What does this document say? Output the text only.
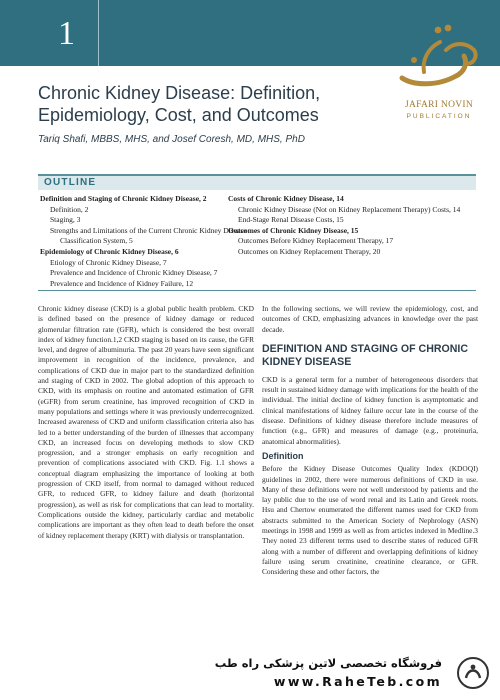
1
JAFARI NOVIN
PUBLICATION
Chronic Kidney Disease: Definition, Epidemiology, Cost, and Outcomes
Tariq Shafi, MBBS, MHS, and Josef Coresh, MD, MHS, PhD
OUTLINE
Definition and Staging of Chronic Kidney Disease, 2
Definition, 2
Staging, 3
Strengths and Limitations of the Current Chronic Kidney Disease Classification System, 5
Epidemiology of Chronic Kidney Disease, 6
Etiology of Chronic Kidney Disease, 7
Prevalence and Incidence of Chronic Kidney Disease, 7
Prevalence and Incidence of Kidney Failure, 12
Costs of Chronic Kidney Disease, 14
Chronic Kidney Disease (Not on Kidney Replacement Therapy) Costs, 14
End-Stage Renal Disease Costs, 15
Outcomes of Chronic Kidney Disease, 15
Outcomes Before Kidney Replacement Therapy, 17
Outcomes on Kidney Replacement Therapy, 20

Chronic kidney disease (CKD) is a global public health problem. CKD is defined based on the presence of kidney damage or reduced glomerular filtration rate (GFR), which is considered the best overall index of kidney function.1,2 CKD staging is based on its cause, the GFR level, and degree of albuminuria. The past 20 years have seen significant improvement in recognition of the incidence, prevalence, and complications of CKD due in major part to the standardized definition and staging of CKD in 2002. The global adoption of this approach to CKD, with its emphasis on routine and automated estimation of GFR (eGFR) from serum creatinine, has improved recognition of CKD in many populations and settings where it was previously underrecognized. Increased awareness of CKD and uniform classification criteria also has led to a better understanding of the burden of illnesses that accompany CKD, an increased focus on developing methods to slow CKD progression, and a stronger emphasis on early recognition and prevention of complications associated with CKD. Fig. 1.1 shows a conceptual diagram emphasizing the importance of looking at both progression of CKD itself, from normal to damaged without reduced GFR, to reduced GFR, to kidney failure and death (horizontal progression), as well as risk for complications that can lead to mortality. Complications outside the kidney, particularly cardiac and metabolic complications are important as they often lead to death before the onset of kidney replacement therapy (KRT) with dialysis or transplantation.

In the following sections, we will review the epidemiology, cost, and outcomes of CKD, emphasizing advances in knowledge over the past decade.

DEFINITION AND STAGING OF CHRONIC KIDNEY DISEASE

CKD is a general term for a number of heterogeneous disorders that result in sustained kidney damage with implications for the health of the individual. The initial decline of kidney function is asymptomatic and clinical manifestations of kidney failure occur late in the course of the disease. Definitions of kidney disease therefore include measures of function (e.g., GFR) and measures of damage (e.g., proteinuria, anatomical abnormalities).

Definition

Before the Kidney Disease Outcomes Quality Index (KDOQI) guidelines in 2002, there were numerous definitions of CKD in use. Many of these definitions were not well understood by patients and the lay public due to the use of word renal and its Latin and Greek roots. Hsu and Chertow enumerated the different names used for CKD from abstracts submitted to the American Society of Nephrology (ASN) meetings in 1998 and 1999 as well as from articles indexed in Medline.3 They noted 23 different terms used to describe states of reduced GFR along with a number of different and overlapping definitions of kidney failure using serum creatinine, creatinine clearance, or GFR. Considering these and other factors, the

فروشگاه تخصصی لاتین پزشکی راه طب
www.RaheTeb.com
